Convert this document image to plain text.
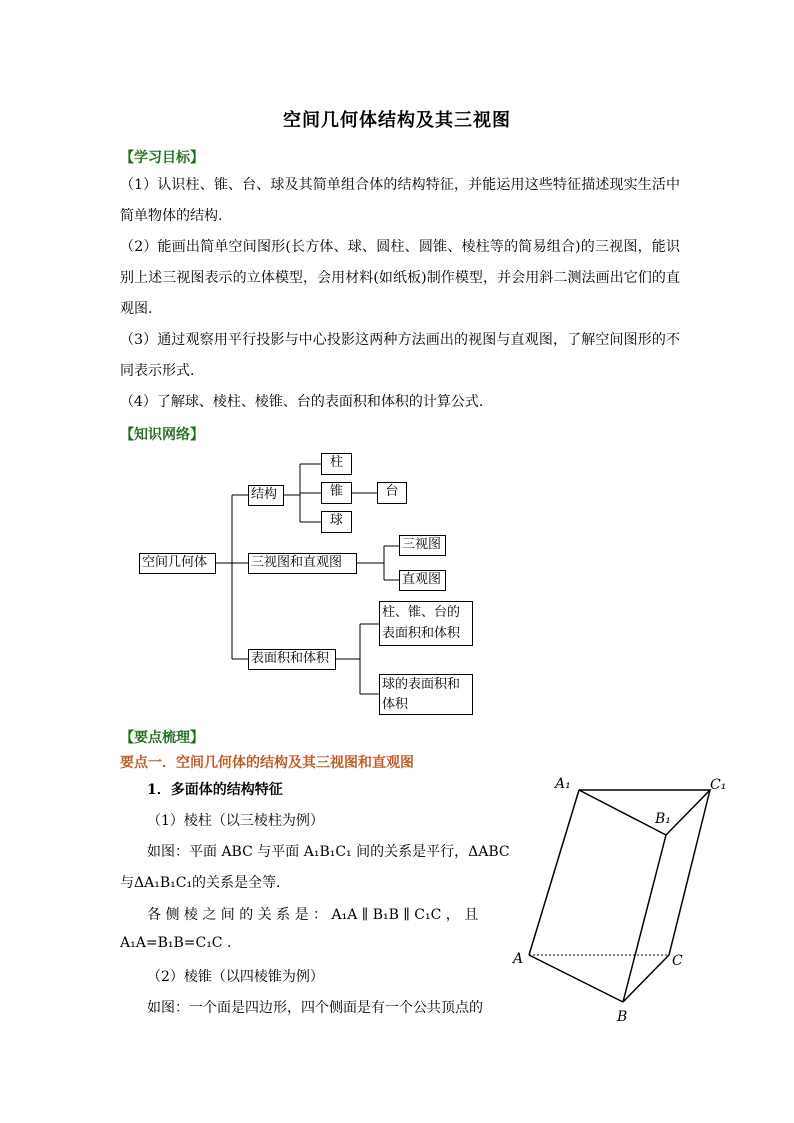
空间几何体结构及其三视图
【学习目标】
（1）认识柱、锥、台、球及其简单组合体的结构特征，并能运用这些特征描述现实生活中简单物体的结构.
（2）能画出简单空间图形(长方体、球、圆柱、圆锥、棱柱等的简易组合)的三视图，能识别上述三视图表示的立体模型，会用材料(如纸板)制作模型，并会用斜二测法画出它们的直观图.
（3）通过观察用平行投影与中心投影这两种方法画出的视图与直观图，了解空间图形的不同表示形式.
（4）了解球、棱柱、棱锥、台的表面积和体积的计算公式.
【知识网络】
空间几何体
结构
柱
锥	台
球
三视图和直观图
三视图
直观图
表面积和体积
柱、锥、台的表面积和体积
球的表面积和体积
【要点梳理】
要点一．空间几何体的结构及其三视图和直观图
1．多面体的结构特征
（1）棱柱（以三棱柱为例）
如图：平面 ABC 与平面 A₁B₁C₁ 间的关系是平行，ΔABC
与ΔA₁B₁C₁的关系是全等.
各 侧 棱 之 间 的 关 系 是 ： A₁A ∥ B₁B ∥ C₁C ， 且
A₁A=B₁B=C₁C .
（2）棱锥（以四棱锥为例）
如图：一个面是四边形，四个侧面是有一个公共顶点的
A₁	C₁
B₁
A	C
B
